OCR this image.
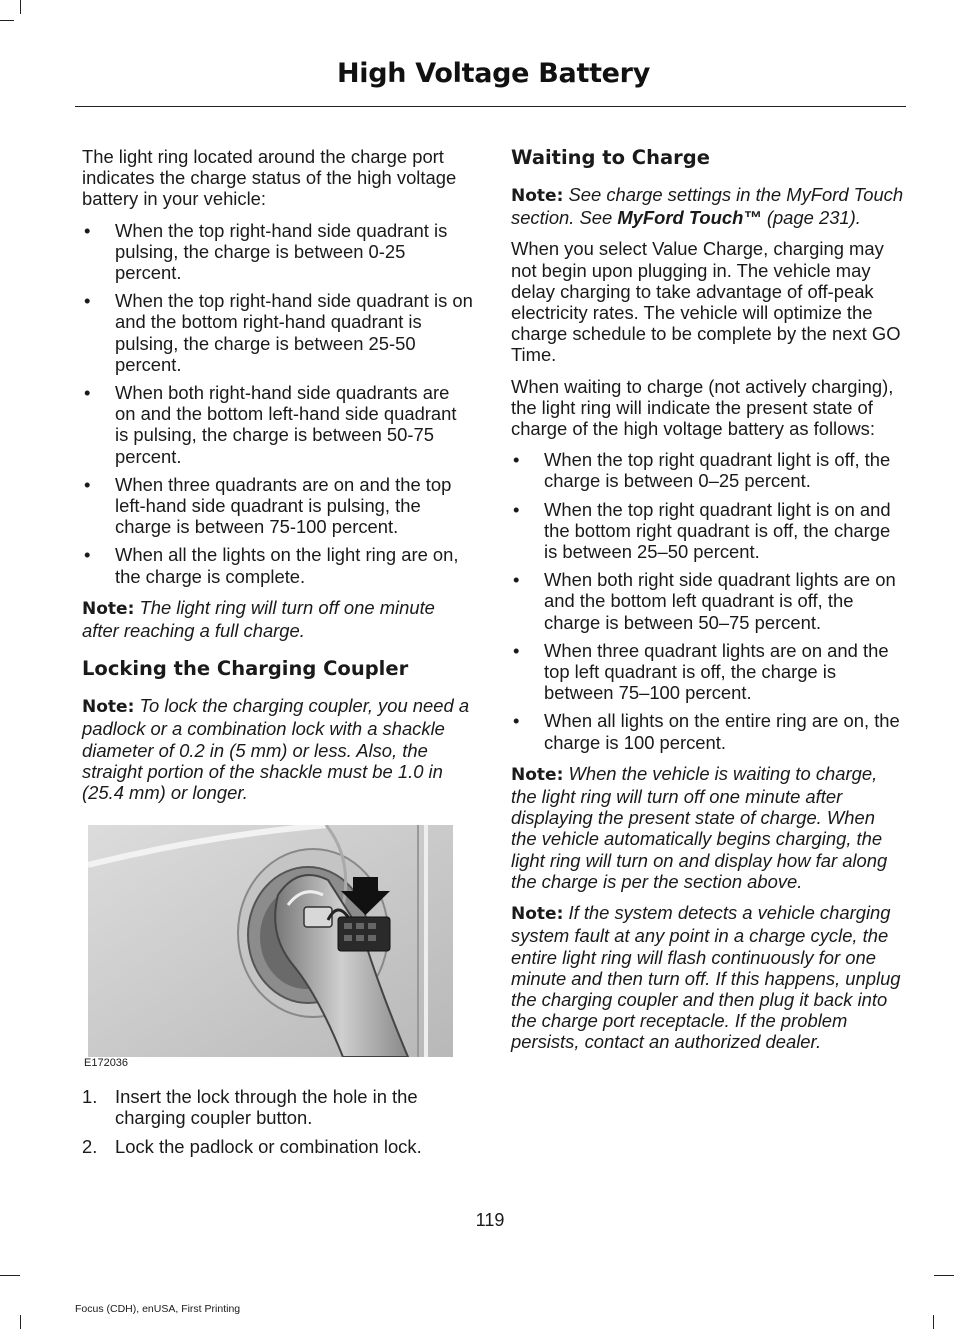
High Voltage Battery

The light ring located around the charge port indicates the charge status of the high voltage battery in your vehicle:

• When the top right-hand side quadrant is pulsing, the charge is between 0-25 percent.
• When the top right-hand side quadrant is on and the bottom right-hand quadrant is pulsing, the charge is between 25-50 percent.
• When both right-hand side quadrants are on and the bottom left-hand side quadrant is pulsing, the charge is between 50-75 percent.
• When three quadrants are on and the top left-hand side quadrant is pulsing, the charge is between 75-100 percent.
• When all the lights on the light ring are on, the charge is complete.

Note: The light ring will turn off one minute after reaching a full charge.

Locking the Charging Coupler

Note: To lock the charging coupler, you need a padlock or a combination lock with a shackle diameter of 0.2 in (5 mm) or less. Also, the straight portion of the shackle must be 1.0 in (25.4 mm) or longer.

E172036
1. Insert the lock through the hole in the charging coupler button.
2. Lock the padlock or combination lock.
Waiting to Charge

Note: See charge settings in the MyFord Touch section. See MyFord Touch™ (page 231).

When you select Value Charge, charging may not begin upon plugging in. The vehicle may delay charging to take advantage of off-peak electricity rates. The vehicle will optimize the charge schedule to be complete by the next GO Time.

When waiting to charge (not actively charging), the light ring will indicate the present state of charge of the high voltage battery as follows:

• When the top right quadrant light is off, the charge is between 0–25 percent.
• When the top right quadrant light is on and the bottom right quadrant is off, the charge is between 25–50 percent.
• When both right side quadrant lights are on and the bottom left quadrant is off, the charge is between 50–75 percent.
• When three quadrant lights are on and the top left quadrant is off, the charge is between 75–100 percent.
• When all lights on the entire ring are on, the charge is 100 percent.

Note: When the vehicle is waiting to charge, the light ring will turn off one minute after displaying the present state of charge. When the vehicle automatically begins charging, the light ring will turn on and display how far along the charge is per the section above.

Note: If the system detects a vehicle charging system fault at any point in a charge cycle, the entire light ring will flash continuously for one minute and then turn off. If this happens, unplug the charging coupler and then plug it back into the charge port receptacle. If the problem persists, contact an authorized dealer.

119
Focus (CDH), enUSA, First Printing
